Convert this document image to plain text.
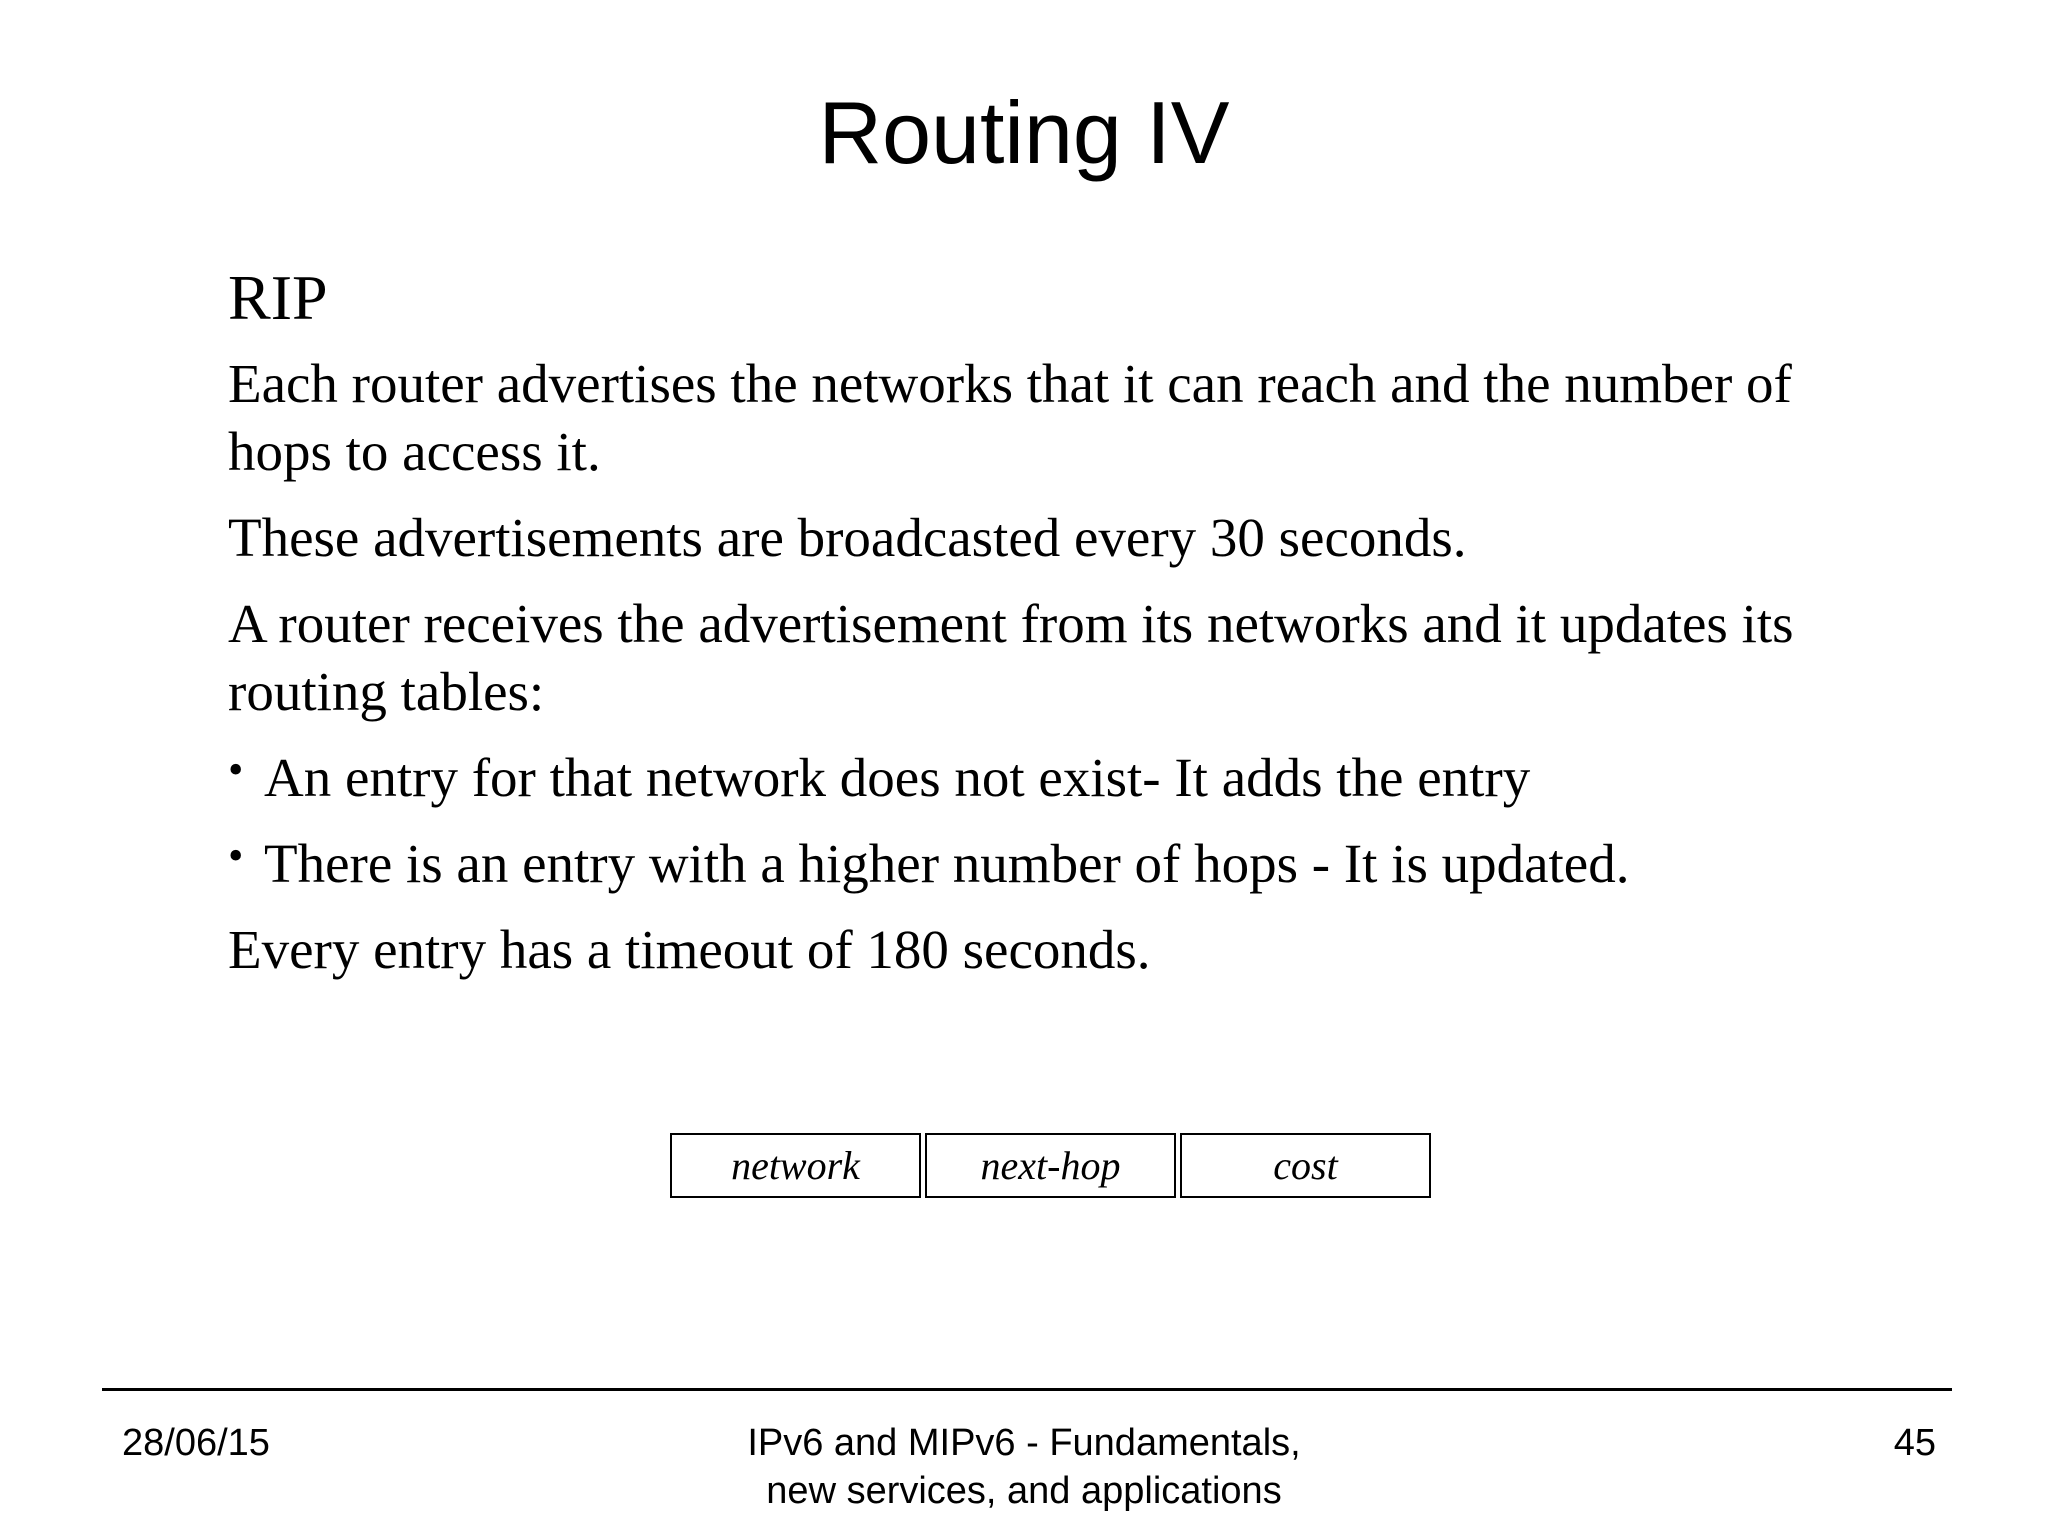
Routing IV
RIP

Each router advertises the networks that it can reach and the number of hops to access it.

These advertisements are broadcasted every 30 seconds.

A router receives the advertisement from its networks and it updates its routing tables:

• An entry for that network does not exist- It adds the entry
• There is an entry with a higher number of hops - It is updated.

Every entry has a timeout of 180 seconds.

network	next-hop	cost
28/06/15	IPv6 and MIPv6 - Fundamentals,
new services, and applications
45
